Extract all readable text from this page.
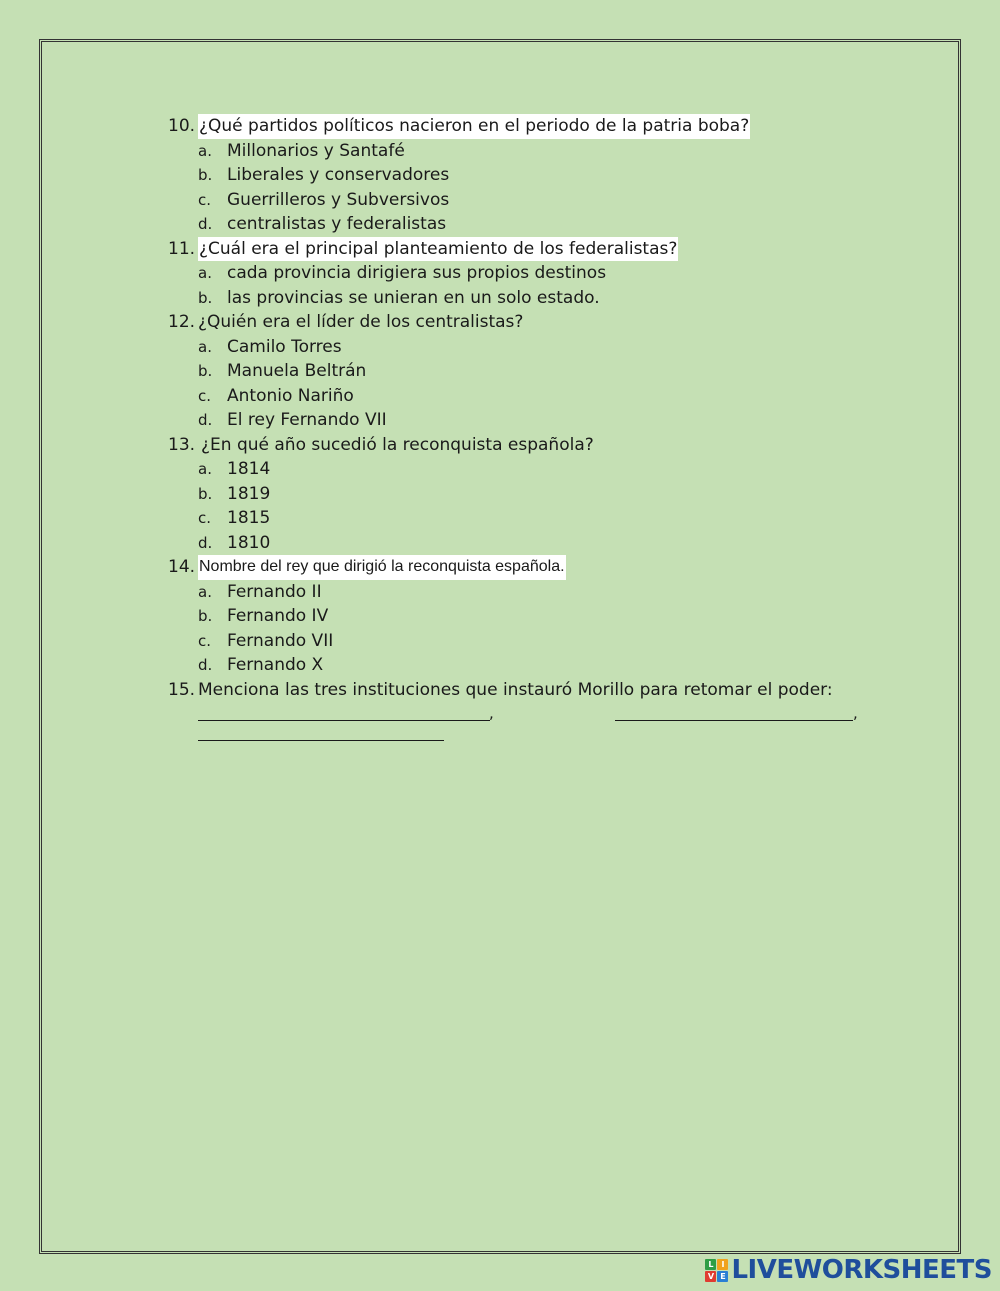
10. ¿Qué partidos políticos nacieron en el periodo de la patria boba?
a. Millonarios y Santafé
b. Liberales y conservadores
c. Guerrilleros y Subversivos
d. centralistas y federalistas
11. ¿Cuál era el principal planteamiento de los federalistas?
a. cada provincia dirigiera sus propios destinos
b. las provincias se unieran en un solo estado.
12. ¿Quién era el líder de los centralistas?
a. Camilo Torres
b. Manuela Beltrán
c. Antonio Nariño
d. El rey Fernando VII
13. ¿En qué año sucedió la reconquista española?
a. 1814
b. 1819
c. 1815
d. 1810
14. Nombre del rey que dirigió la reconquista española.
a. Fernando II
b. Fernando IV
c. Fernando VII
d. Fernando X
15. Menciona las tres instituciones que instauró Morillo para retomar el poder:
,	,
L I
V E LIVEWORKSHEETS
